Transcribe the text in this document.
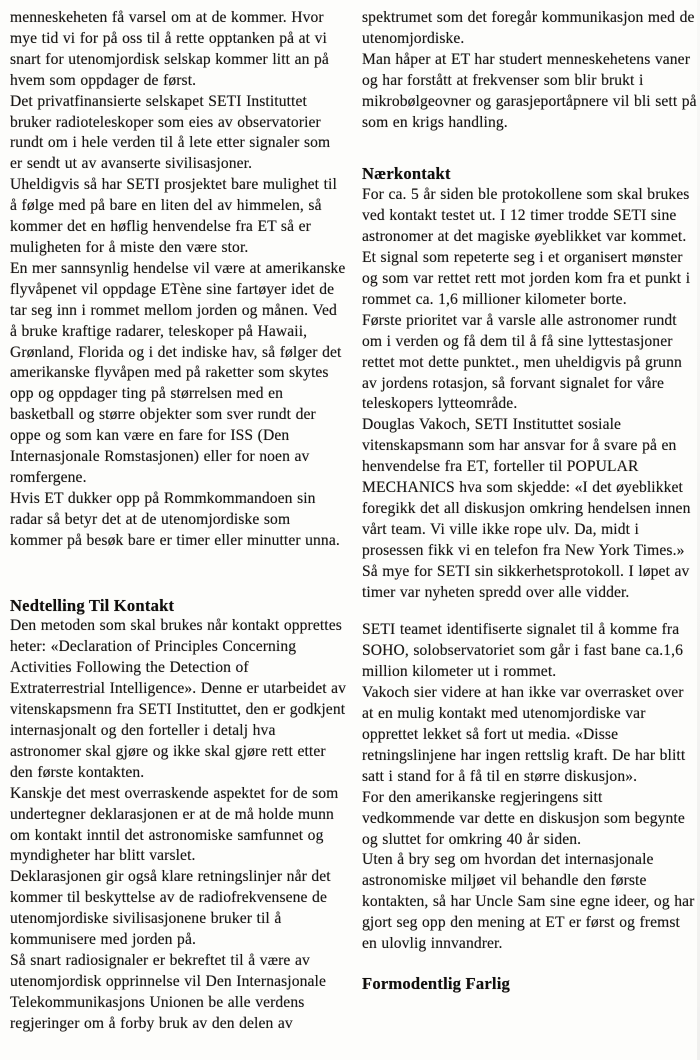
menneskeheten få varsel om at de kommer. Hvor mye tid vi for på oss til å rette opptanken på at vi snart for utenomjordisk selskap kommer litt an på hvem som oppdager de først.

Det privatfinansierte selskapet SETI Instituttet bruker radioteleskoper som eies av observatorier rundt om i hele verden til å lete etter signaler som er sendt ut av avanserte sivilisasjoner.

Uheldigvis så har SETI prosjektet bare mulighet til å følge med på bare en liten del av himmelen, så kommer det en høflig henvendelse fra ET så er muligheten for å miste den være stor.

En mer sannsynlig hendelse vil være at amerikanske flyvåpenet vil oppdage ETène sine fartøyer idet de tar seg inn i rommet mellom jorden og månen. Ved å bruke kraftige radarer, teleskoper på Hawaii, Grønland, Florida og i det indiske hav, så følger det amerikanske flyvåpen med på raketter som skytes opp og oppdager ting på størrelsen med en basketball og større objekter som sver rundt der oppe og som kan være en fare for ISS (Den Internasjonale Romstasjonen) eller for noen av romfergene.

Hvis ET dukker opp på Rommkommandoen sin radar så betyr det at de utenomjordiske som kommer på besøk bare er timer eller minutter unna.

Nedtelling Til Kontakt

Den metoden som skal brukes når kontakt opprettes heter: «Declaration of Principles Concerning Activities Following the Detection of Extraterrestrial Intelligence». Denne er utarbeidet av vitenskapsmenn fra SETI Instituttet, den er godkjent internasjonalt og den forteller i detalj hva astronomer skal gjøre og ikke skal gjøre rett etter den første kontakten.

Kanskje det mest overraskende aspektet for de som undertegner deklarasjonen er at de må holde munn om kontakt inntil det astronomiske samfunnet og myndigheter har blitt varslet.

Deklarasjonen gir også klare retningslinjer når det kommer til beskyttelse av de radiofrekvensene de utenomjordiske sivilisasjonene bruker til å kommunisere med jorden på.

Så snart radiosignaler er bekreftet til å være av utenomjordisk opprinnelse vil Den Internasjonale Telekommunikasjons Unionen be alle verdens regjeringer om å forby bruk av den delen av

spektrumet som det foregår kommunikasjon med de utenomjordiske.

Man håper at ET har studert menneskehetens vaner og har forstått at frekvenser som blir brukt i mikrobølgeovner og garasjeportåpnere vil bli sett på som en krigs handling.

Nærkontakt

For ca. 5 år siden ble protokollene som skal brukes ved kontakt testet ut. I 12 timer trodde SETI sine astronomer at det magiske øyeblikket var kommet. Et signal som repeterte seg i et organisert mønster og som var rettet rett mot jorden kom fra et punkt i rommet ca. 1,6 millioner kilometer borte.

Første prioritet var å varsle alle astronomer rundt om i verden og få dem til å få sine lyttestasjoner rettet mot dette punktet., men uheldigvis på grunn av jordens rotasjon, så forvant signalet for våre teleskopers lytteområde.

Douglas Vakoch, SETI Instituttet sosiale vitenskapsmann som har ansvar for å svare på en henvendelse fra ET, forteller til POPULAR MECHANICS hva som skjedde: «I det øyeblikket foregikk det all diskusjon omkring hendelsen innen vårt team. Vi ville ikke rope ulv. Da, midt i prosessen fikk vi en telefon fra New York Times.» Så mye for SETI sin sikkerhetsprotokoll. I løpet av timer var nyheten spredd over alle vidder.

SETI teamet identifiserte signalet til å komme fra SOHO, solobservatoriet som går i fast bane ca.1,6 million kilometer ut i rommet.

Vakoch sier videre at han ikke var overrasket over at en mulig kontakt med utenomjordiske var opprettet lekket så fort ut media. «Disse retningslinjene har ingen rettslig kraft. De har blitt satt i stand for å få til en større diskusjon».

For den amerikanske regjeringens sitt vedkommende var dette en diskusjon som begynte og sluttet for omkring 40 år siden.

Uten å bry seg om hvordan det internasjonale astronomiske miljøet vil behandle den første kontakten, så har Uncle Sam sine egne ideer, og har gjort seg opp den mening at ET er først og fremst en ulovlig innvandrer.

Formodentlig Farlig
